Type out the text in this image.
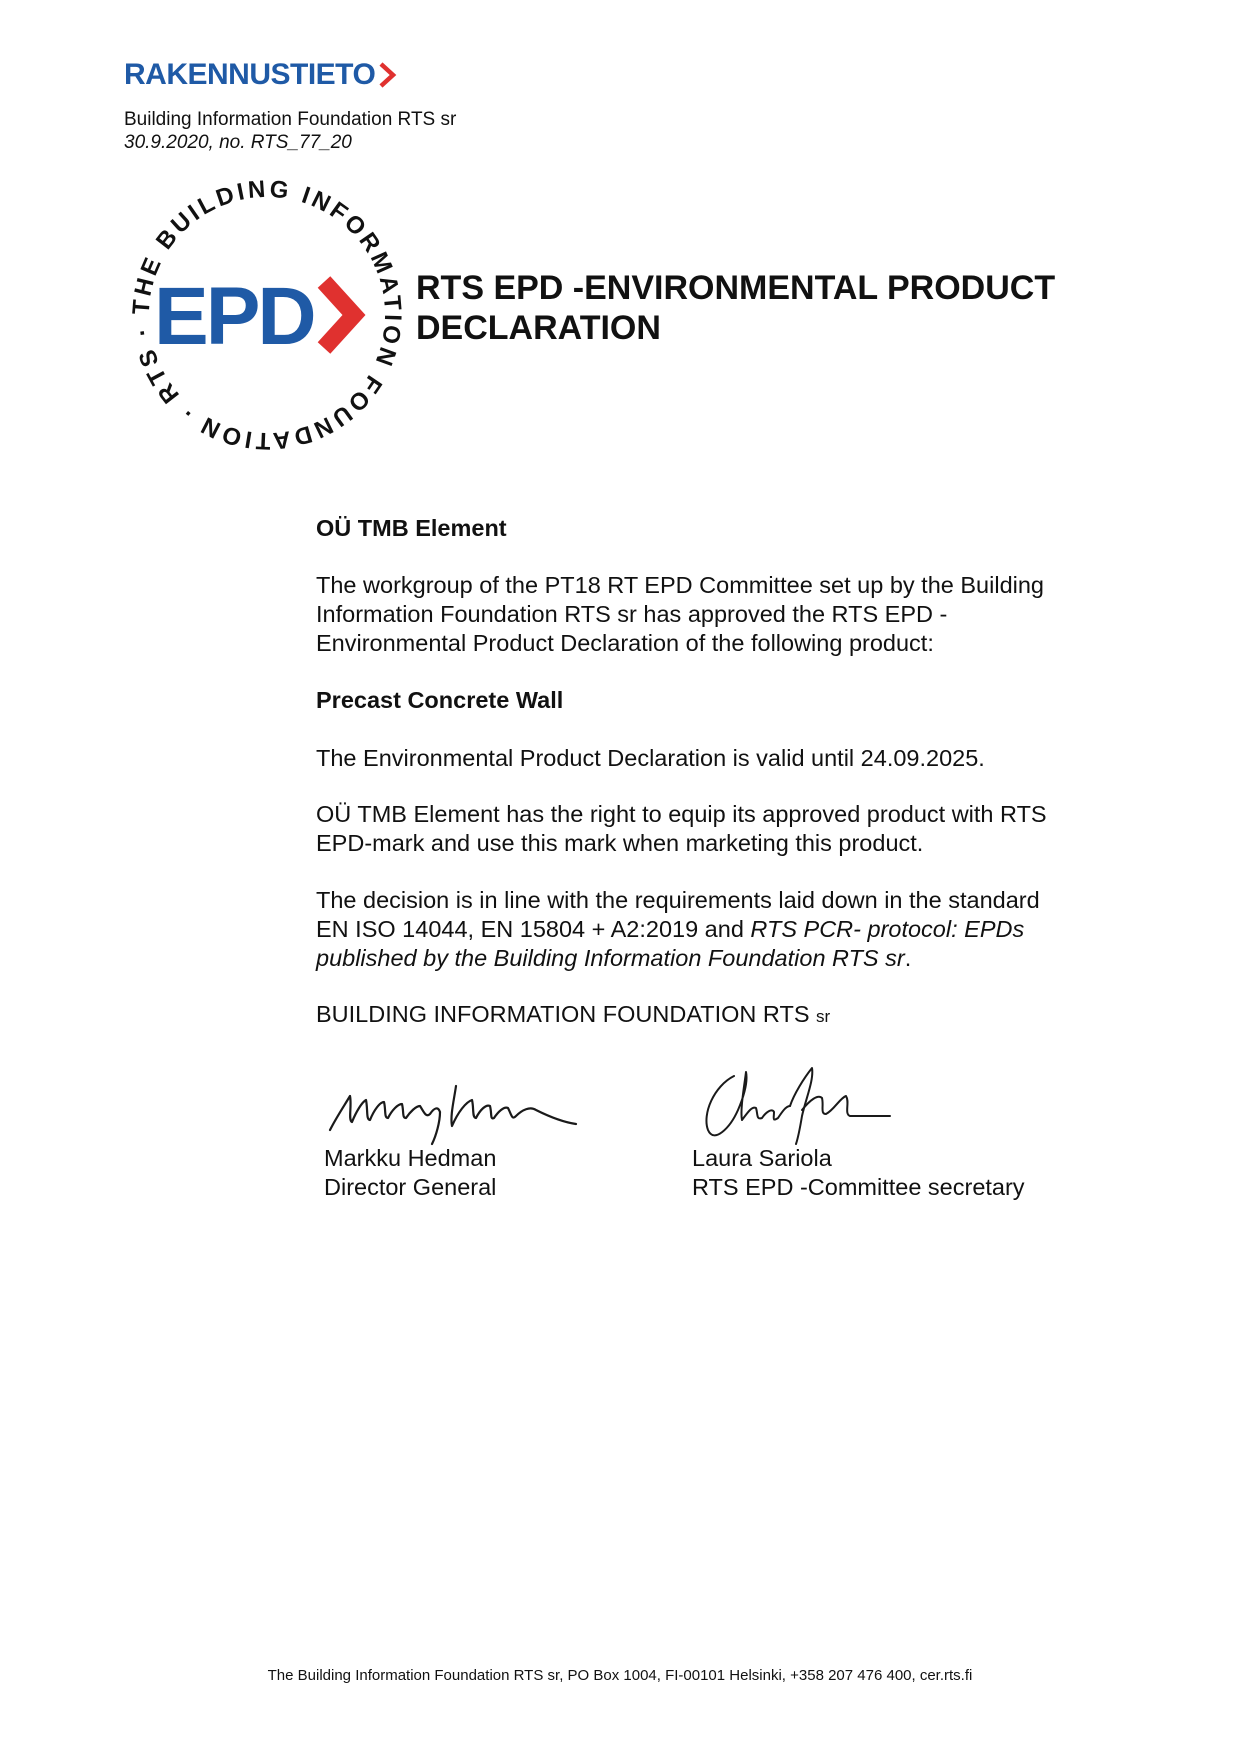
RAKENNUSTIETO
Building Information Foundation RTS sr
30.9.2020, no. RTS_77_20
THE BUILDING INFORMATION FOUNDATION · RTS ·
EPD	RTS EPD -ENVIRONMENTAL PRODUCT
DECLARATION
OÜ TMB Element
The workgroup of the PT18 RT EPD Committee set up by the Building
Information Foundation RTS sr has approved the RTS EPD -
Environmental Product Declaration of the following product:
Precast Concrete Wall
The Environmental Product Declaration is valid until 24.09.2025.
OÜ TMB Element has the right to equip its approved product with RTS
EPD-mark and use this mark when marketing this product.
The decision is in line with the requirements laid down in the standard
EN ISO 14044, EN 15804 + A2:2019 and RTS PCR- protocol: EPDs
published by the Building Information Foundation RTS sr.
BUILDING INFORMATION FOUNDATION RTS sr
Markku Hedman
Director General
Laura Sariola
RTS EPD -Committee secretary
The Building Information Foundation RTS sr, PO Box 1004, FI-00101 Helsinki, +358 207 476 400, cer.rts.fi
